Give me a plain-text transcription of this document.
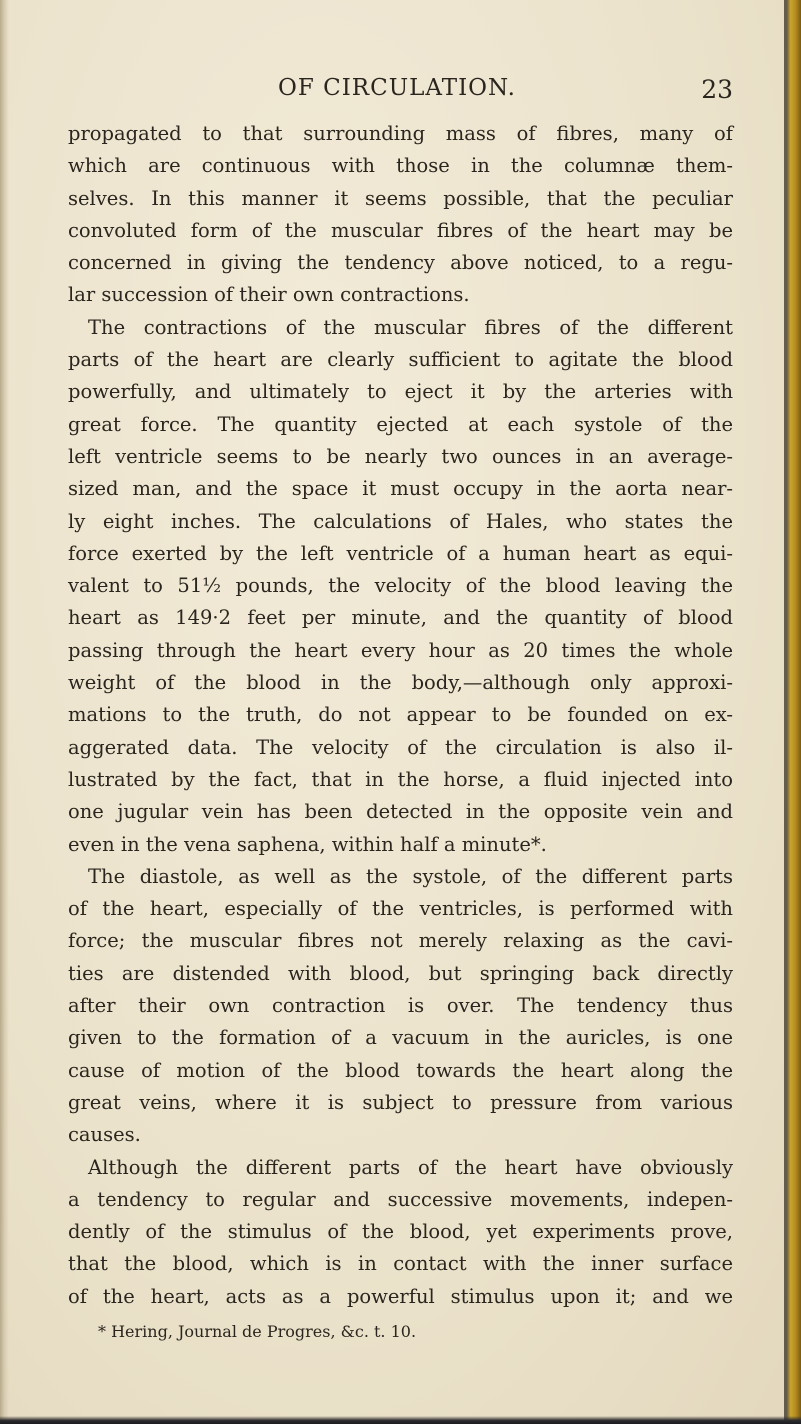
OF CIRCULATION.	23
propagated to that surrounding mass of fibres, many of
which are continuous with those in the columnæ them-
selves. In this manner it seems possible, that the peculiar
convoluted form of the muscular fibres of the heart may be
concerned in giving the tendency above noticed, to a regu-
lar succession of their own contractions.
The contractions of the muscular fibres of the different
parts of the heart are clearly sufficient to agitate the blood
powerfully, and ultimately to eject it by the arteries with
great force. The quantity ejected at each systole of the
left ventricle seems to be nearly two ounces in an average-
sized man, and the space it must occupy in the aorta near-
ly eight inches. The calculations of Hales, who states the
force exerted by the left ventricle of a human heart as equi-
valent to 51½ pounds, the velocity of the blood leaving the
heart as 149·2 feet per minute, and the quantity of blood
passing through the heart every hour as 20 times the whole
weight of the blood in the body,—although only approxi-
mations to the truth, do not appear to be founded on ex-
aggerated data. The velocity of the circulation is also il-
lustrated by the fact, that in the horse, a fluid injected into
one jugular vein has been detected in the opposite vein and
even in the vena saphena, within half a minute*.
The diastole, as well as the systole, of the different parts
of the heart, especially of the ventricles, is performed with
force; the muscular fibres not merely relaxing as the cavi-
ties are distended with blood, but springing back directly
after their own contraction is over. The tendency thus
given to the formation of a vacuum in the auricles, is one
cause of motion of the blood towards the heart along the
great veins, where it is subject to pressure from various
causes.
Although the different parts of the heart have obviously
a tendency to regular and successive movements, indepen-
dently of the stimulus of the blood, yet experiments prove,
that the blood, which is in contact with the inner surface
of the heart, acts as a powerful stimulus upon it; and we
* Hering, Journal de Progres, &c. t. 10.
